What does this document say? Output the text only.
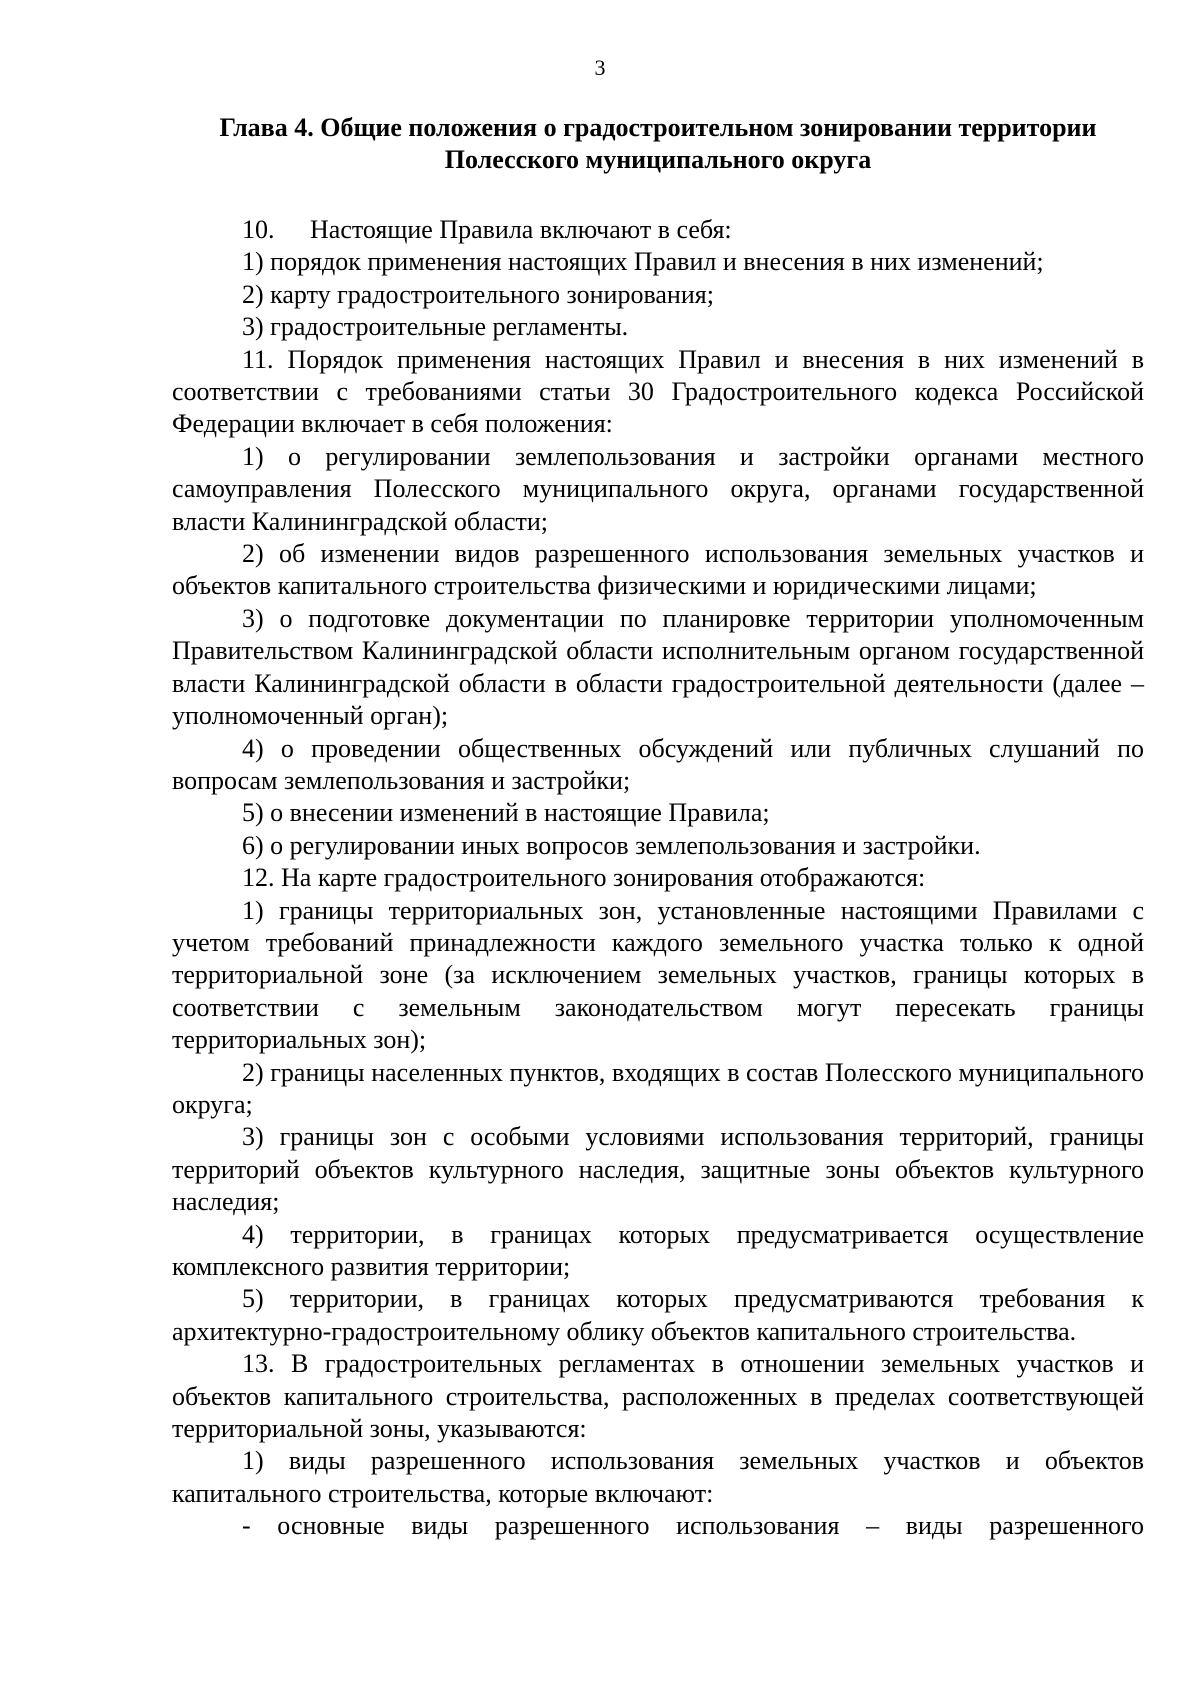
3
Глава 4. Общие положения о градостроительном зонировании территории
Полесского муниципального округа

10. Настоящие Правила включают в себя:

1) порядок применения настоящих Правил и внесения в них изменений;

2) карту градостроительного зонирования;

3) градостроительные регламенты.

11. Порядок применения настоящих Правил и внесения в них изменений в соответствии с требованиями статьи 30 Градостроительного кодекса Российской Федерации включает в себя положения:

1) о регулировании землепользования и застройки органами местного самоуправления Полесского муниципального округа, органами государственной власти Калининградской области;

2) об изменении видов разрешенного использования земельных участков и объектов капитального строительства физическими и юридическими лицами;

3) о подготовке документации по планировке территории уполномоченным Правительством Калининградской области исполнительным органом государственной власти Калининградской области в области градостроительной деятельности (далее – уполномоченный орган);

4) о проведении общественных обсуждений или публичных слушаний по вопросам землепользования и застройки;

5) о внесении изменений в настоящие Правила;

6) о регулировании иных вопросов землепользования и застройки.

12. На карте градостроительного зонирования отображаются:

1) границы территориальных зон, установленные настоящими Правилами с учетом требований принадлежности каждого земельного участка только к одной территориальной зоне (за исключением земельных участков, границы которых в соответствии с земельным законодательством могут пересекать границы территориальных зон);

2) границы населенных пунктов, входящих в состав Полесского муниципального округа;

3) границы зон с особыми условиями использования территорий, границы территорий объектов культурного наследия, защитные зоны объектов культурного наследия;

4) территории, в границах которых предусматривается осуществление комплексного развития территории;

5) территории, в границах которых предусматриваются требования к архитектурно-градостроительному облику объектов капитального строительства.

13. В градостроительных регламентах в отношении земельных участков и объектов капитального строительства, расположенных в пределах соответствующей территориальной зоны, указываются:

1) виды разрешенного использования земельных участков и объектов капитального строительства, которые включают:

- основные виды разрешенного использования – виды разрешенного
